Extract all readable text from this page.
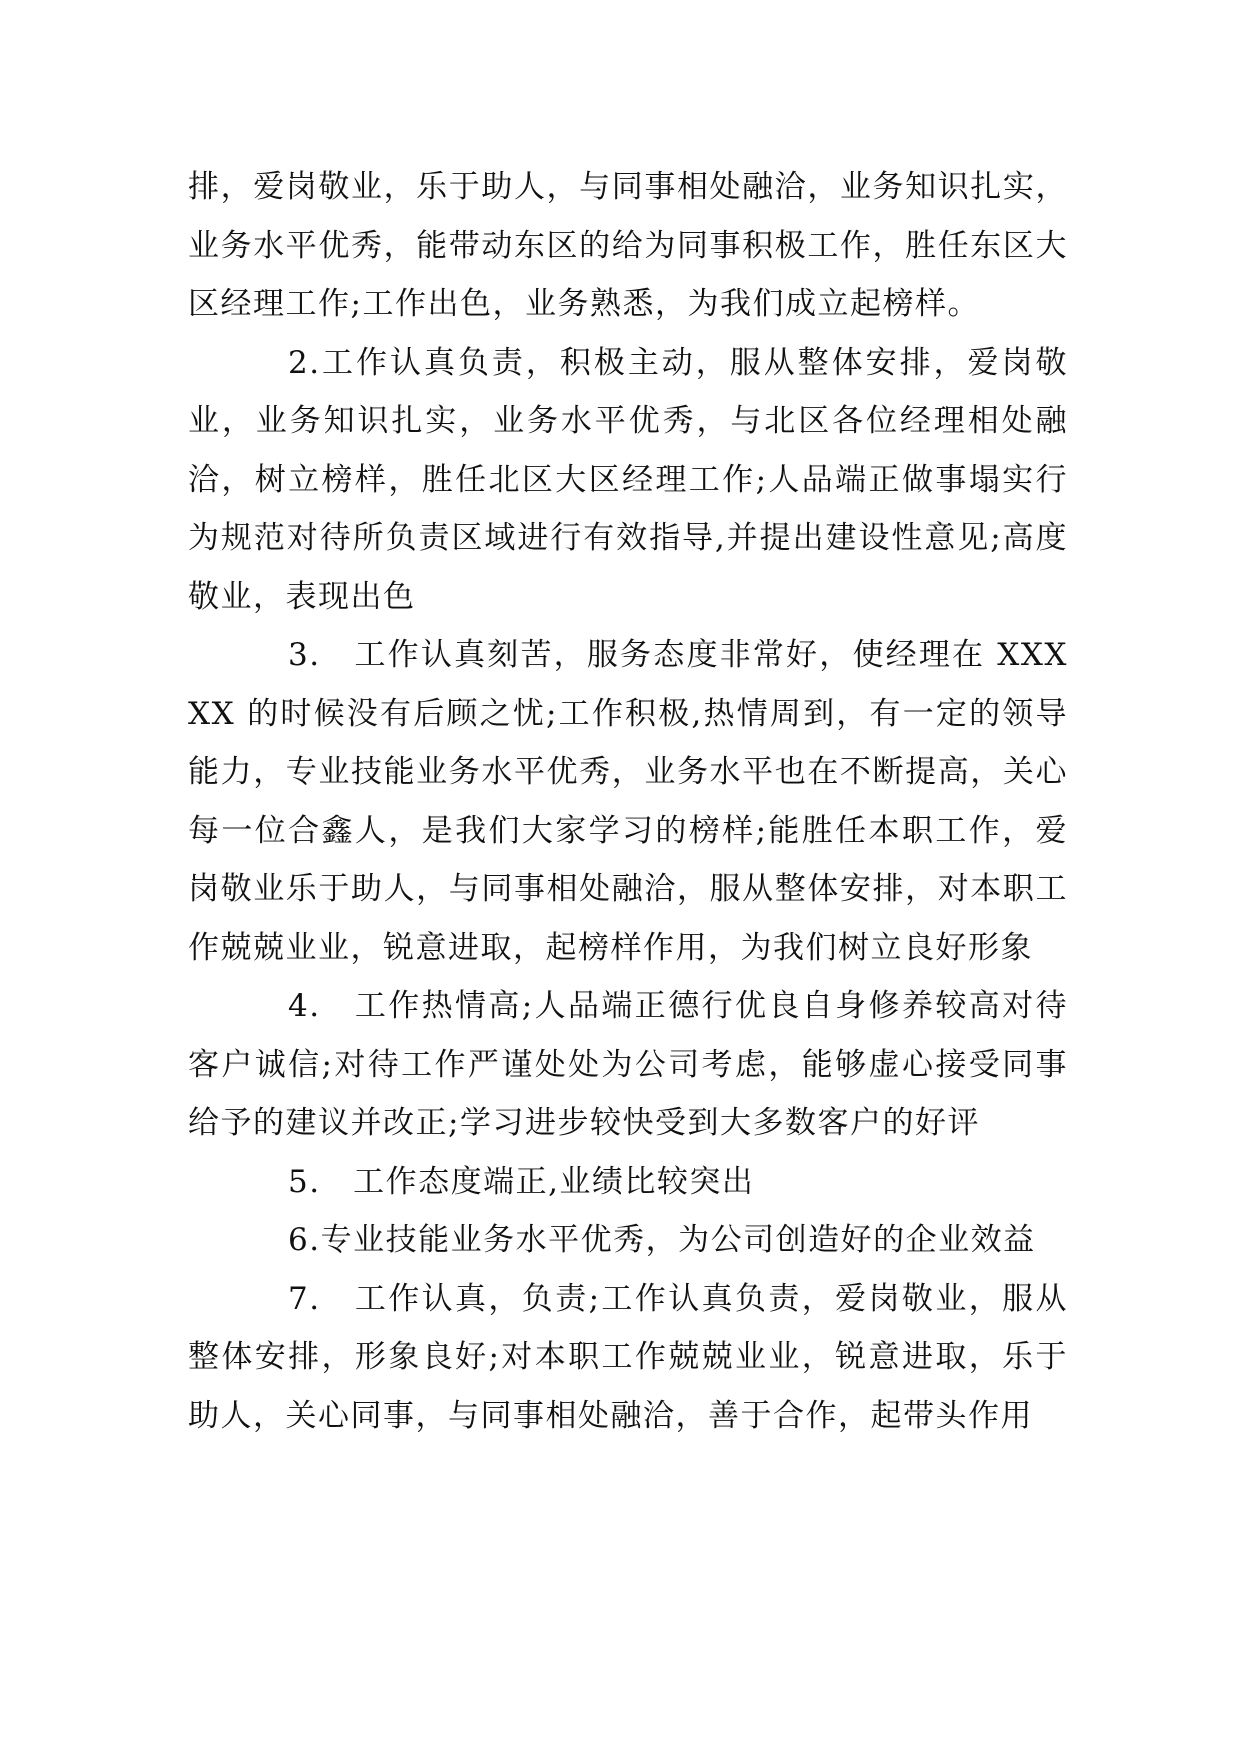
排，爱岗敬业，乐于助人，与同事相处融洽，业务知识扎实，业务水平优秀，能带动东区的给为同事积极工作，胜任东区大区经理工作;工作出色，业务熟悉，为我们成立起榜样。

2.工作认真负责，积极主动，服从整体安排，爱岗敬业，业务知识扎实，业务水平优秀，与北区各位经理相处融洽，树立榜样，胜任北区大区经理工作;人品端正做事塌实行为规范对待所负责区域进行有效指导,并提出建设性意见;高度敬业，表现出色

3.　工作认真刻苦，服务态度非常好，使经理在 XXXXX 的时候没有后顾之忧;工作积极,热情周到，有一定的领导能力，专业技能业务水平优秀，业务水平也在不断提高，关心每一位合鑫人，是我们大家学习的榜样;能胜任本职工作，爱岗敬业乐于助人，与同事相处融洽，服从整体安排，对本职工作兢兢业业，锐意进取，起榜样作用，为我们树立良好形象

4.　工作热情高;人品端正德行优良自身修养较高对待客户诚信;对待工作严谨处处为公司考虑，能够虚心接受同事给予的建议并改正;学习进步较快受到大多数客户的好评

5.　工作态度端正,业绩比较突出

6.专业技能业务水平优秀，为公司创造好的企业效益

7.　工作认真，负责;工作认真负责，爱岗敬业，服从整体安排，形象良好;对本职工作兢兢业业，锐意进取，乐于助人，关心同事，与同事相处融洽，善于合作，起带头作用
